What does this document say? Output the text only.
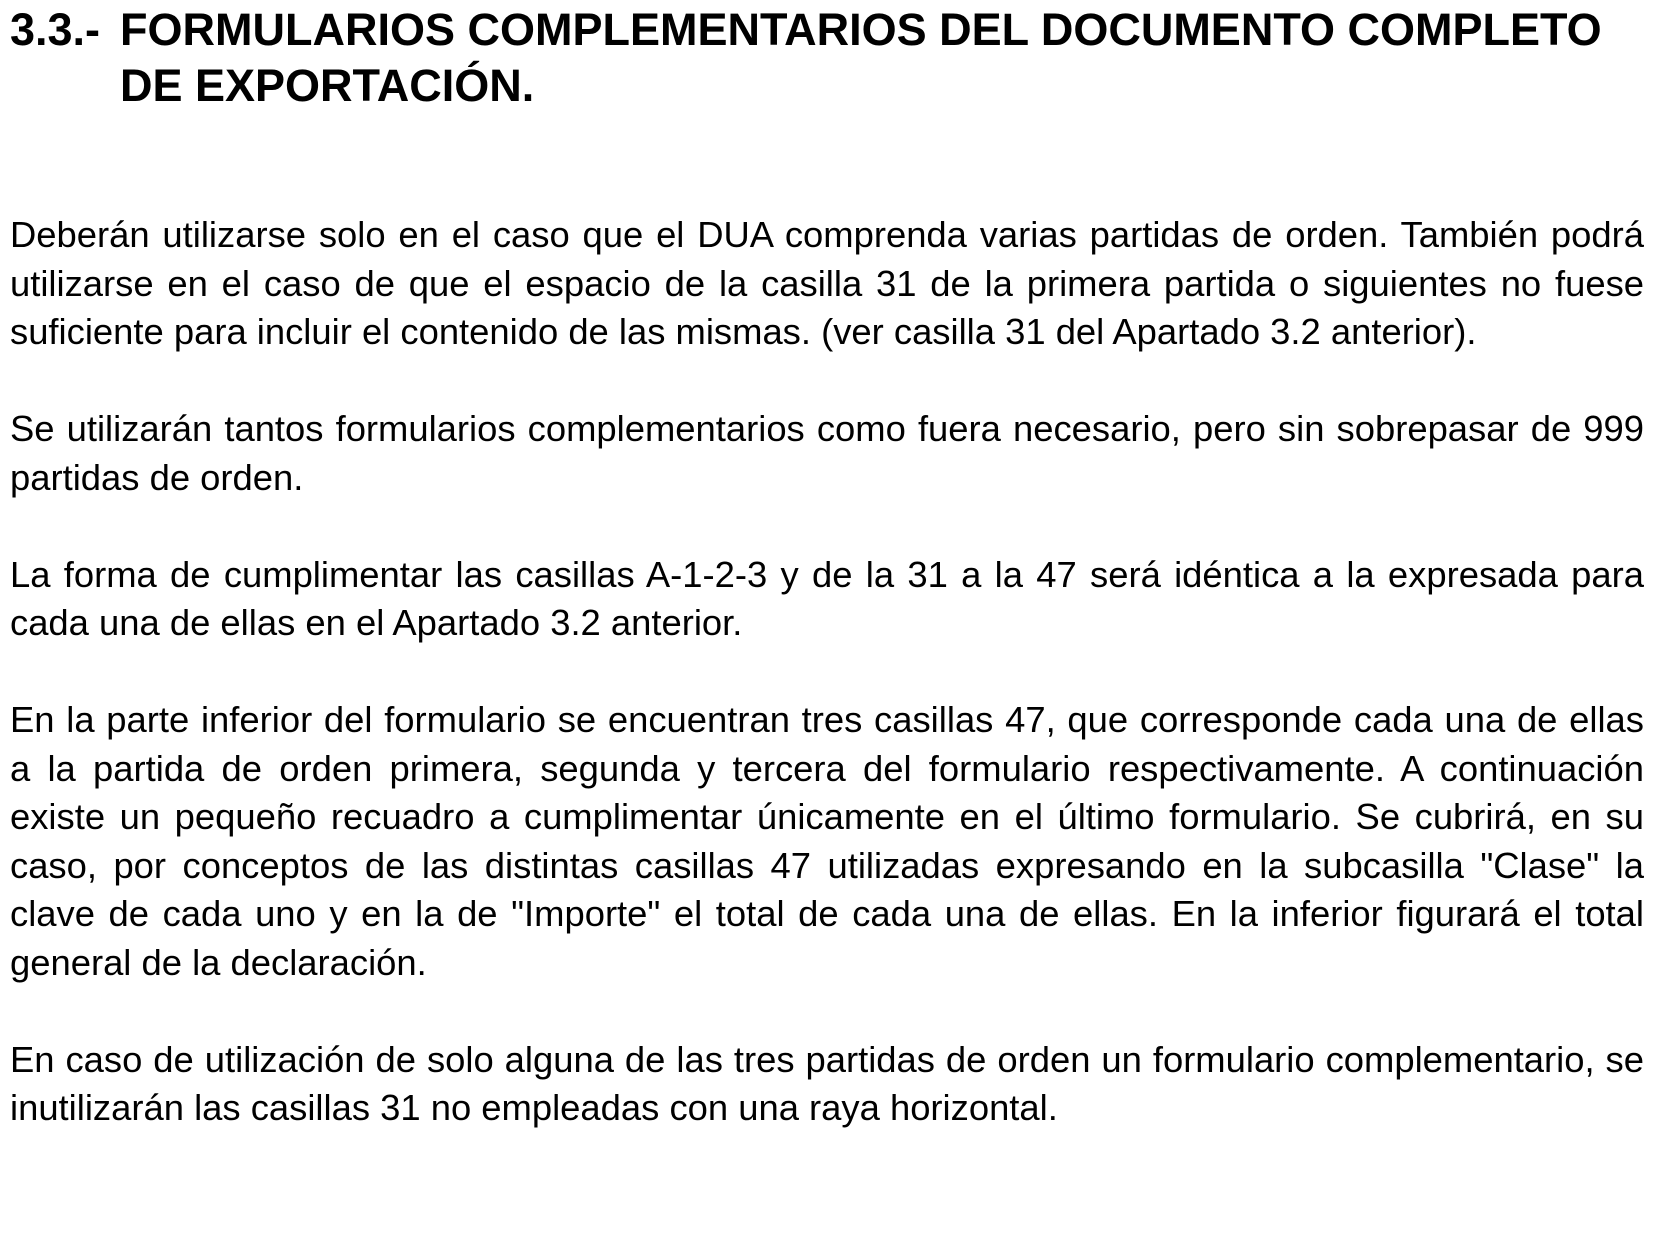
3.3.- FORMULARIOS COMPLEMENTARIOS DEL DOCUMENTO COMPLETO DE EXPORTACIÓN.

Deberán utilizarse solo en el caso que el DUA comprenda varias partidas de orden. También podrá utilizarse en el caso de que el espacio de la casilla 31 de la primera partida o siguientes no fuese suficiente para incluir el contenido de las mismas. (ver casilla 31 del Apartado 3.2 anterior).

Se utilizarán tantos formularios complementarios como fuera necesario, pero sin sobrepasar de 999 partidas de orden.

La forma de cumplimentar las casillas A-1-2-3 y de la 31 a la 47 será idéntica a la expresada para cada una de ellas en el Apartado 3.2 anterior.

En la parte inferior del formulario se encuentran tres casillas 47, que corresponde cada una de ellas a la partida de orden primera, segunda y tercera del formulario respectivamente. A continuación existe un pequeño recuadro a cumplimentar únicamente en el último formulario. Se cubrirá, en su caso, por conceptos de las distintas casillas 47 utilizadas expresando en la subcasilla "Clase" la clave de cada uno y en la de "Importe" el total de cada una de ellas. En la inferior figurará el total general de la declaración.

En caso de utilización de solo alguna de las tres partidas de orden un formulario complementario, se inutilizarán las casillas 31 no empleadas con una raya horizontal.
